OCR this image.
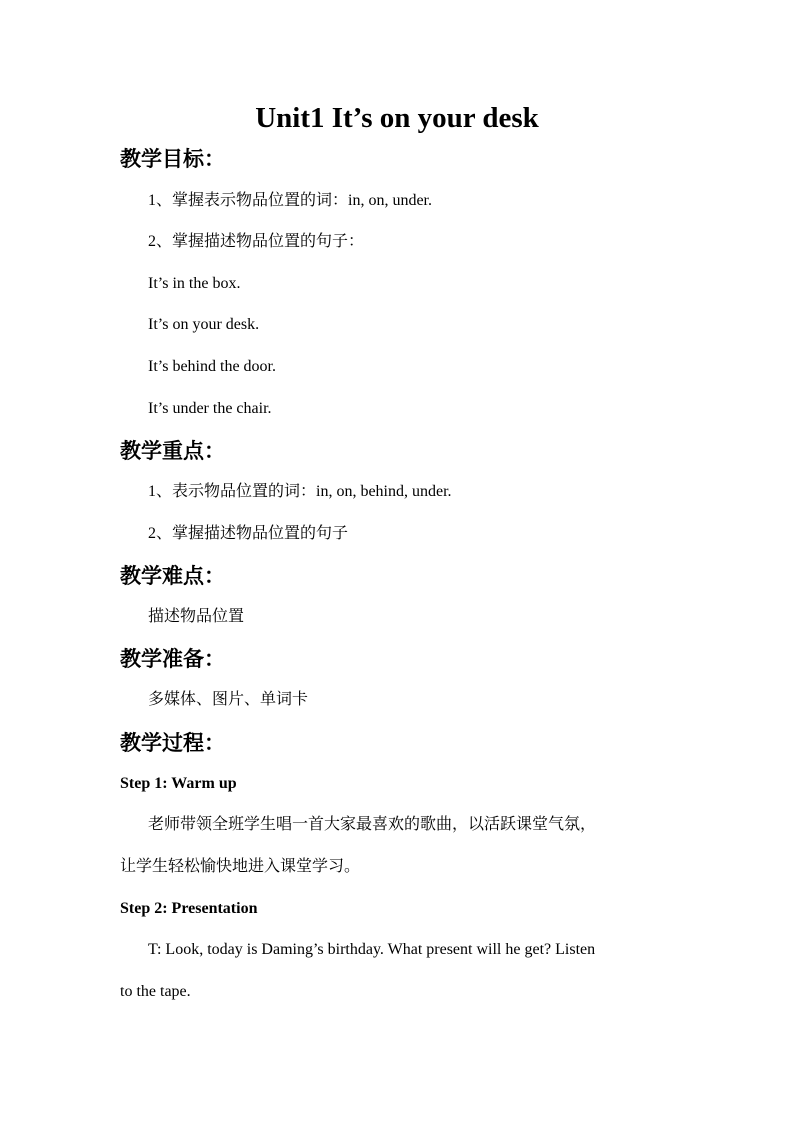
Unit1 It’s on your desk
教学目标：
1、掌握表示物品位置的词：in, on, under.
2、掌握描述物品位置的句子：
It’s in the box.
It’s on your desk.
It’s behind the door.
It’s under the chair.
教学重点：
1、表示物品位置的词：in, on, behind, under.
2、掌握描述物品位置的句子
教学难点：
描述物品位置
教学准备：
多媒体、图片、单词卡
教学过程：
Step 1: Warm up
老师带领全班学生唱一首大家最喜欢的歌曲，以活跃课堂气氛，
让学生轻松愉快地进入课堂学习。
Step 2: Presentation
T: Look, today is Daming’s birthday. What present will he get? Listen
to the tape.
